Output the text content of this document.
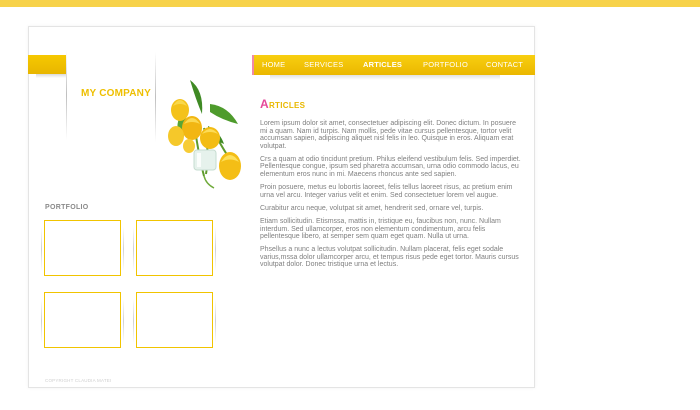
MY COMPANY
HOME SERVICES	ARTICLES	PORTFOLIO CONTACT
ARTICLES

Lorem ipsum dolor sit amet, consectetuer adipiscing elit. Donec dictum. In posuere mi a quam. Nam id turpis. Nam mollis, pede vitae cursus pellentesque, tortor velit accumsan sapien, adipiscing aliquet nisl felis in leo. Quisque in eros. Aliquam erat volutpat.

Crs a quam at odio tincidunt pretium. Philus eleifend vestibulum felis. Sed imperdiet. Pellentesque congue, ipsum sed pharetra accumsan, urna odio commodo lacus, eu elementum eros nunc in mi. Maecens rhoncus ante sed sapien.

Proin posuere, metus eu lobortis laoreet, felis tellus laoreet risus, ac pretium enim urna vel arcu. Integer varius velit et enim. Sed consectetuer lorem vel augue.

Curabitur arcu neque, volutpat sit amet, hendrerit sed, ornare vel, turpis.

Etiam sollicitudin. Etismssa, mattis in, tristique eu, faucibus non, nunc. Nullam interdum. Sed ullamcorper, eros non elementum condimentum, arcu felis pellentesque libero, at semper sem quam eget quam. Nulla ut urna.

Phsellus a nunc a lectus volutpat sollicitudin. Nullam placerat, felis eget sodale varius,mssa dolor ullamcorper arcu, et tempus risus pede eget tortor. Mauris cursus volutpat dolor. Donec tristique urna et lectus.

PORTFOLIO
COPYRIGHT CLAUDIA MATEI
